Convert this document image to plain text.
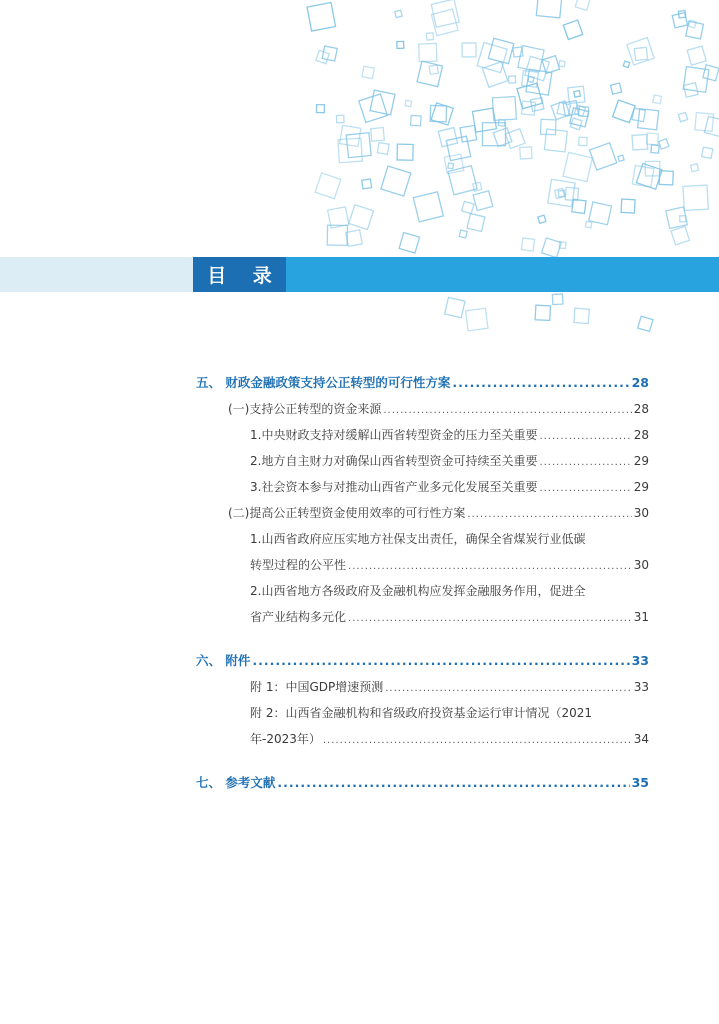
目 录
五、 财政金融政策支持公正转型的可行性方案 .....	28
(一)支持公正转型的资金来源 .....	28
1.中央财政支持对缓解山西省转型资金的压力至关重要 .....	28
2.地方自主财力对确保山西省转型资金可持续至关重要 .....	29
3.社会资本参与对推动山西省产业多元化发展至关重要 .....	29
(二)提高公正转型资金使用效率的可行性方案 .....	30
1.山西省政府应压实地方社保支出责任，确保全省煤炭行业低碳
转型过程的公平性 .....	30
2.山西省地方各级政府及金融机构应发挥金融服务作用，促进全
省产业结构多元化 .....	31
六、 附件 .....	33
附 1：中国GDP增速预测 .....	33
附 2：山西省金融机构和省级政府投资基金运行审计情况（2021
年-2023年） .....	34
七、 参考文献 .....	35
